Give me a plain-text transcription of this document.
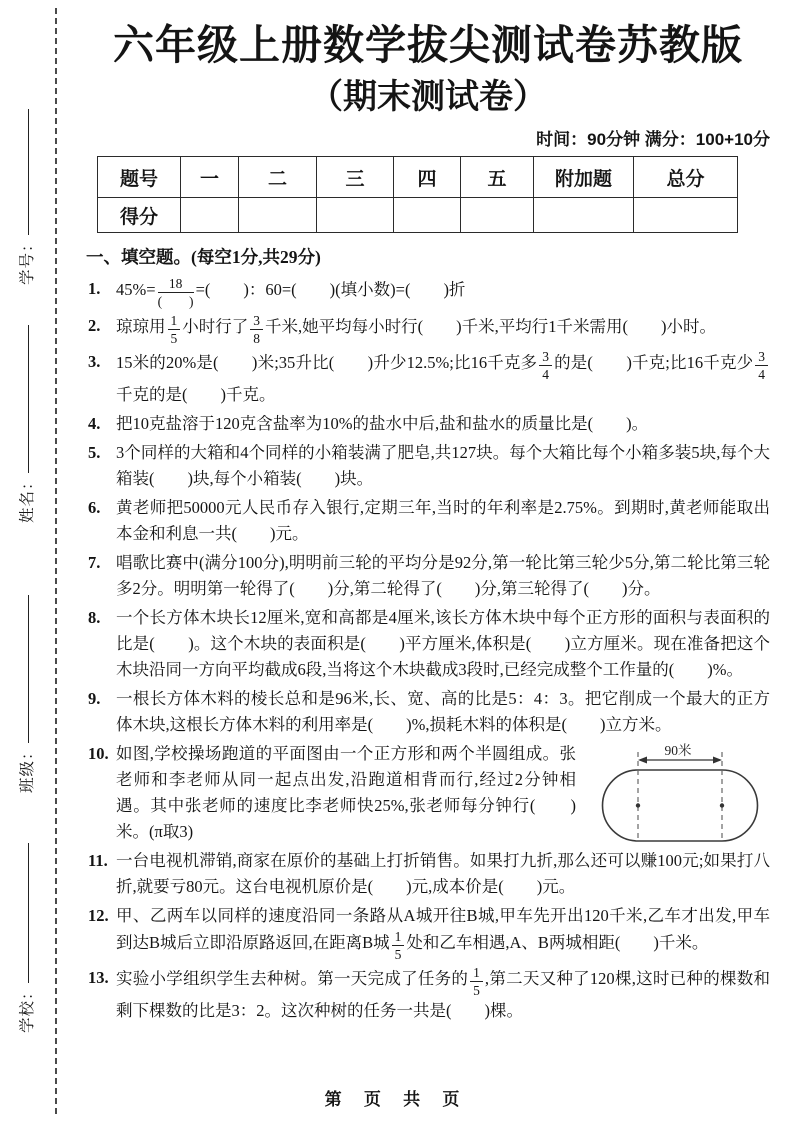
学号：
姓名：
班级：
学校：
六年级上册数学拔尖测试卷苏教版
（期末测试卷）
时间：90分钟 满分：100+10分
题号	一	二	三	四	五	附加题	总分
得分							
一、填空题。(每空1分,共29分)
1. $45\%= \frac{18}{( )}$ =(　　)：60=(　　)(填小数)=(　　)折
2. 琼琼用 $\frac{1}{5}$ 小时行了 $\frac{3}{8}$ 千米,她平均每小时行(　　)千米,平均行1千米需用(　　)小时。
3. 15米的20%是(　　)米;35升比(　　)升少12.5%;比16千克多 $\frac{3}{4}$ 的是(　　)千克;比16千克少 $\frac{3}{4}$
千克的是(　　)千克。
4. 把10克盐溶于120克含盐率为10%的盐水中后,盐和盐水的质量比是(　　)。
5. 3个同样的大箱和4个同样的小箱装满了肥皂,共127块。每个大箱比每个小箱多装5块,每个大箱装(　　)块,每个小箱装(　　)块。
6. 黄老师把50000元人民币存入银行,定期三年,当时的年利率是2.75%。到期时,黄老师能取出本金和利息一共(　　)元。
7. 唱歌比赛中(满分100分),明明前三轮的平均分是92分,第一轮比第三轮少5分,第二轮比第三轮多2分。明明第一轮得了(　　)分,第二轮得了(　　)分,第三轮得了(　　)分。
8. 一个长方体木块长12厘米,宽和高都是4厘米,该长方体木块中每个正方形的面积与表面积的比是(　　)。这个木块的表面积是(　　)平方厘米,体积是(　　)立方厘米。现在准备把这个木块沿同一方向平均截成6段,当将这个木块截成3段时,已经完成整个工作量的(　　)%。
9. 一根长方体木料的棱长总和是96米,长、宽、高的比是5：4：3。把它削成一个最大的正方体木块,这根长方体木料的利用率是(　　)%,损耗木料的体积是(　　)立方米。
10.	90米
如图,学校操场跑道的平面图由一个正方形和两个半圆组成。张老师和李老师从同一起点出发,沿跑道相背而行,经过2分钟相遇。其中张老师的速度比李老师快25%,张老师每分钟行(　　)米。(π取3)
11. 一台电视机滞销,商家在原价的基础上打折销售。如果打九折,那么还可以赚100元;如果打八折,就要亏80元。这台电视机原价是(　　)元,成本价是(　　)元。
12. 甲、乙两车以同样的速度沿同一条路从A城开往B城,甲车先开出120千米,乙车才出发,甲车到达B城后立即沿原路返回,在距离B城 $\frac{1}{5}$ 处和乙车相遇,A、B两城相距(　　)千米。
13. 实验小学组织学生去种树。第一天完成了任务的 $\frac{1}{5}$ ,第二天又种了120棵,这时已种的棵数和剩下棵数的比是3：2。这次种树的任务一共是(　　)棵。
第 页 共 页
